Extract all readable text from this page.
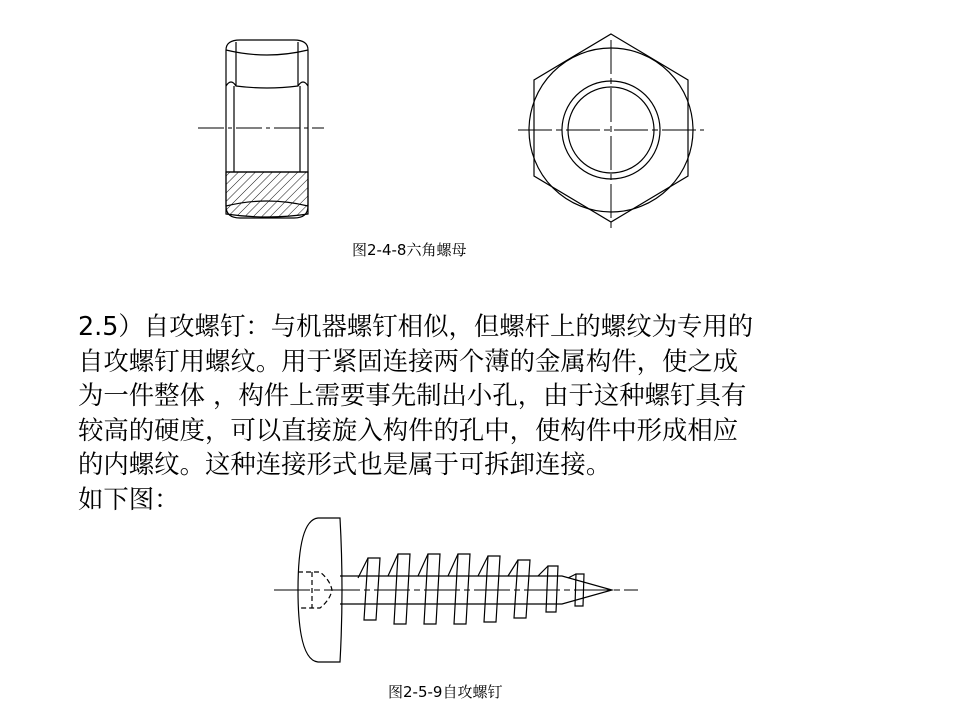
图2-4-8六角螺母
2.5）自攻螺钉：与机器螺钉相似，但螺杆上的螺纹为专用的
自攻螺钉用螺纹。用于紧固连接两个薄的金属构件，使之成
为一件整体 ，构件上需要事先制出小孔，由于这种螺钉具有
较高的硬度，可以直接旋入构件的孔中，使构件中形成相应
的内螺纹。这种连接形式也是属于可拆卸连接。
如下图：
图2-5-9自攻螺钉
